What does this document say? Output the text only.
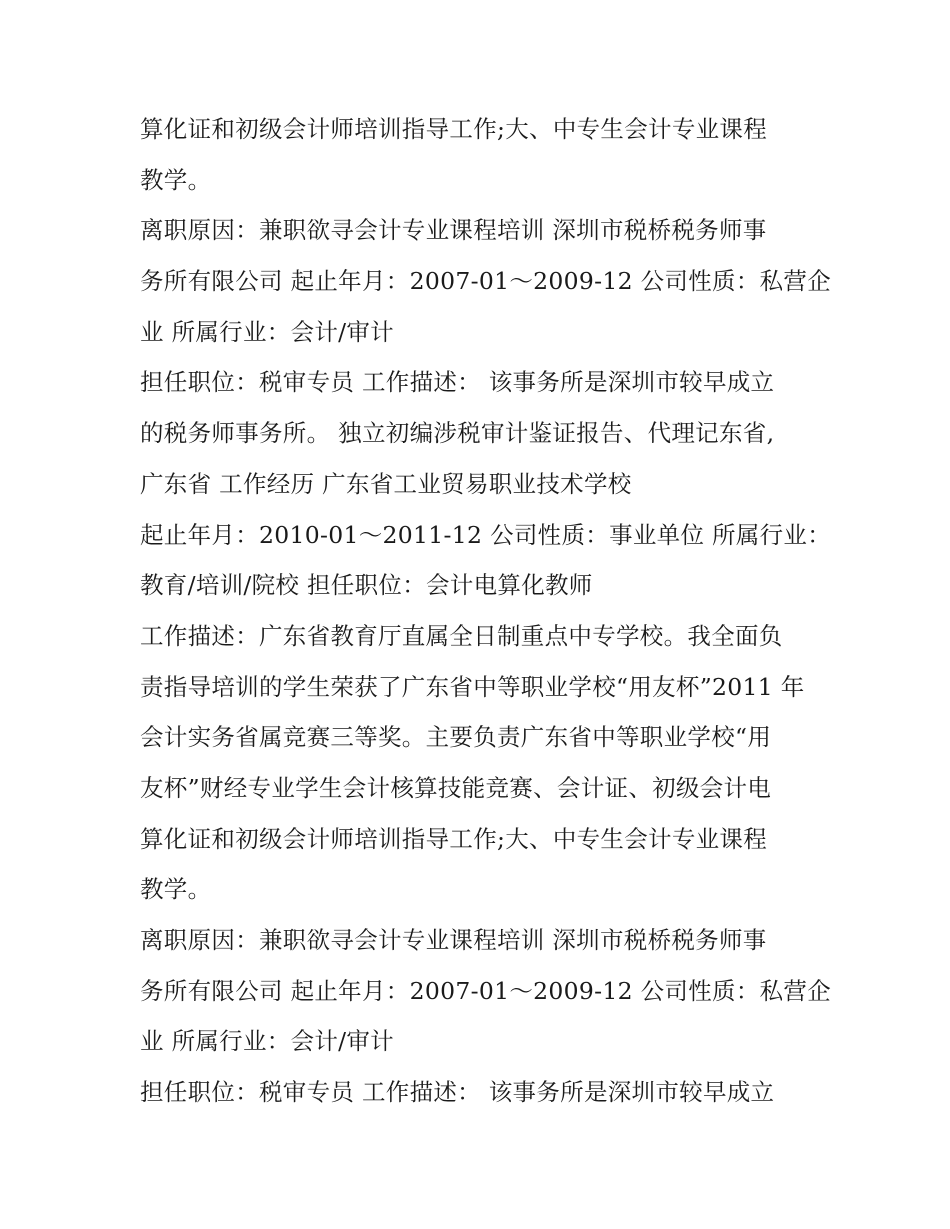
算化证和初级会计师培训指导工作;大、中专生会计专业课程
教学。
离职原因：兼职欲寻会计专业课程培训 深圳市税桥税务师事
务所有限公司 起止年月：2007-01～2009-12 公司性质：私营企
业 所属行业：会计/审计
担任职位：税审专员 工作描述： 该事务所是深圳市较早成立
的税务师事务所。 独立初编涉税审计鉴证报告、代理记东省,
广东省 工作经历 广东省工业贸易职业技术学校
起止年月：2010-01～2011-12 公司性质：事业单位 所属行业：
教育/培训/院校 担任职位：会计电算化教师
工作描述：广东省教育厅直属全日制重点中专学校。我全面负
责指导培训的学生荣获了广东省中等职业学校“用友杯”2011 年
会计实务省属竞赛三等奖。主要负责广东省中等职业学校“用
友杯”财经专业学生会计核算技能竞赛、会计证、初级会计电
算化证和初级会计师培训指导工作;大、中专生会计专业课程
教学。
离职原因：兼职欲寻会计专业课程培训 深圳市税桥税务师事
务所有限公司 起止年月：2007-01～2009-12 公司性质：私营企
业 所属行业：会计/审计
担任职位：税审专员 工作描述： 该事务所是深圳市较早成立
